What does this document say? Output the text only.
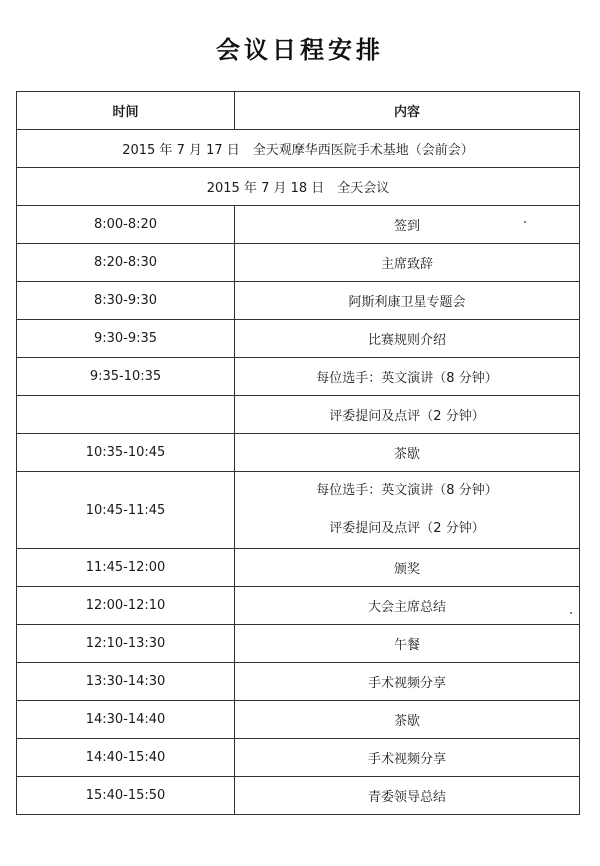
会议日程安排
时间	内容
2015 年 7 月 17 日　全天观摩华西医院手术基地（会前会）	
2015 年 7 月 18 日　全天会议	
8:00-8:20	签到
8:20-8:30	主席致辞
8:30-9:30	阿斯利康卫星专题会
9:30-9:35	比赛规则介绍
9:35-10:35	每位选手：英文演讲（8 分钟）
	评委提问及点评（2 分钟）
10:35-10:45	茶歇
10:45-11:45	每位选手：英文演讲（8 分钟）
评委提问及点评（2 分钟）

11:45-12:00	颁奖
12:00-12:10	大会主席总结
12:10-13:30	午餐
13:30-14:30	手术视频分享
14:30-14:40	茶歇
14:40-15:40	手术视频分享
15:40-15:50	青委领导总结
